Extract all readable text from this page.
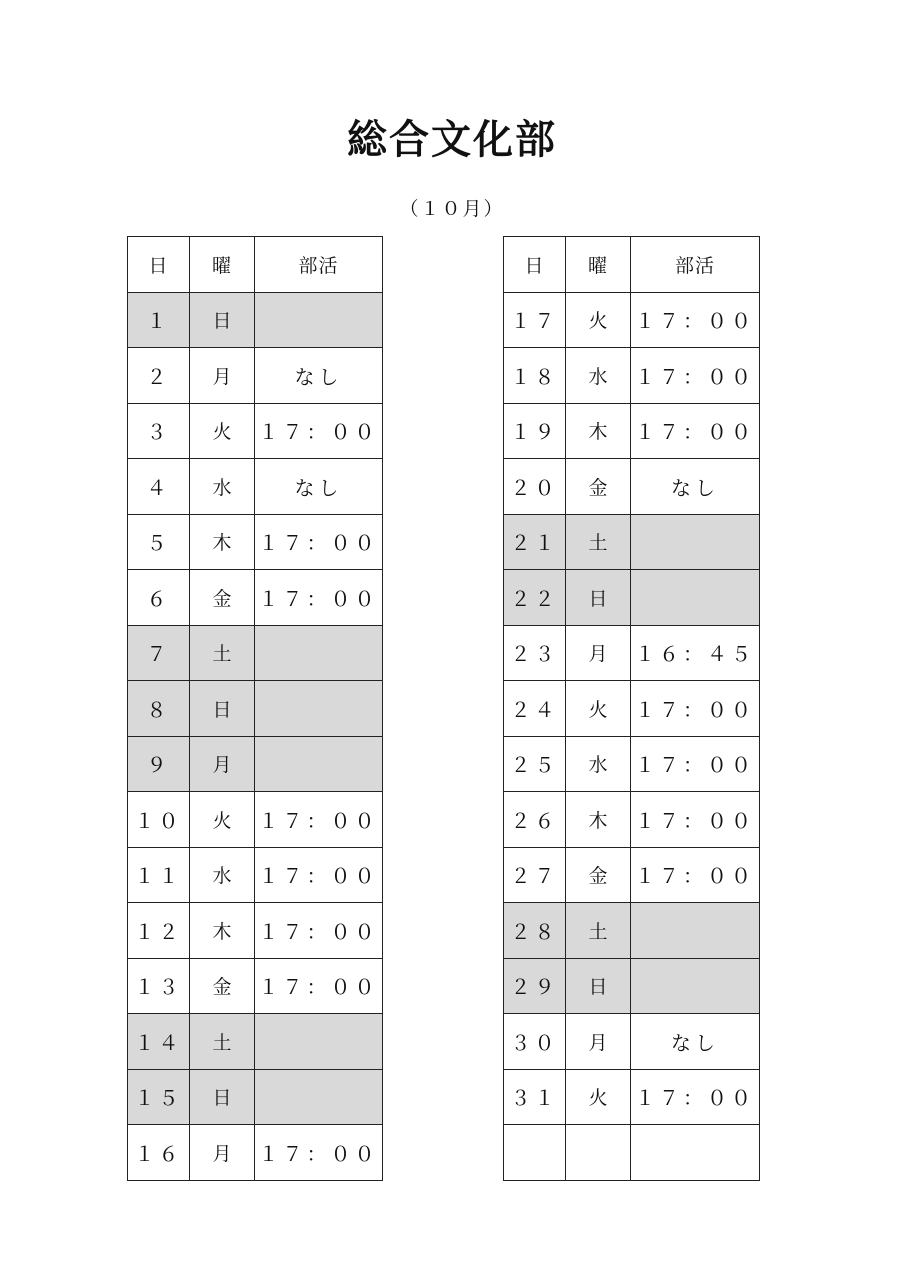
総合文化部
（１０月）
日	曜	部活
１	日	
２	月	なし
３	火	１７：００
４	水	なし
５	木	１７：００
６	金	１７：００
７	土	
８	日	
９	月	
１０	火	１７：００
１１	水	１７：００
１２	木	１７：００
１３	金	１７：００
１４	土	
１５	日	
１６	月	１７：００
日	曜	部活
１７	火	１７：００
１８	水	１７：００
１９	木	１７：００
２０	金	なし
２１	土	
２２	日	
２３	月	１６：４５
２４	火	１７：００
２５	水	１７：００
２６	木	１７：００
２７	金	１７：００
２８	土	
２９	日	
３０	月	なし
３１	火	１７：００
